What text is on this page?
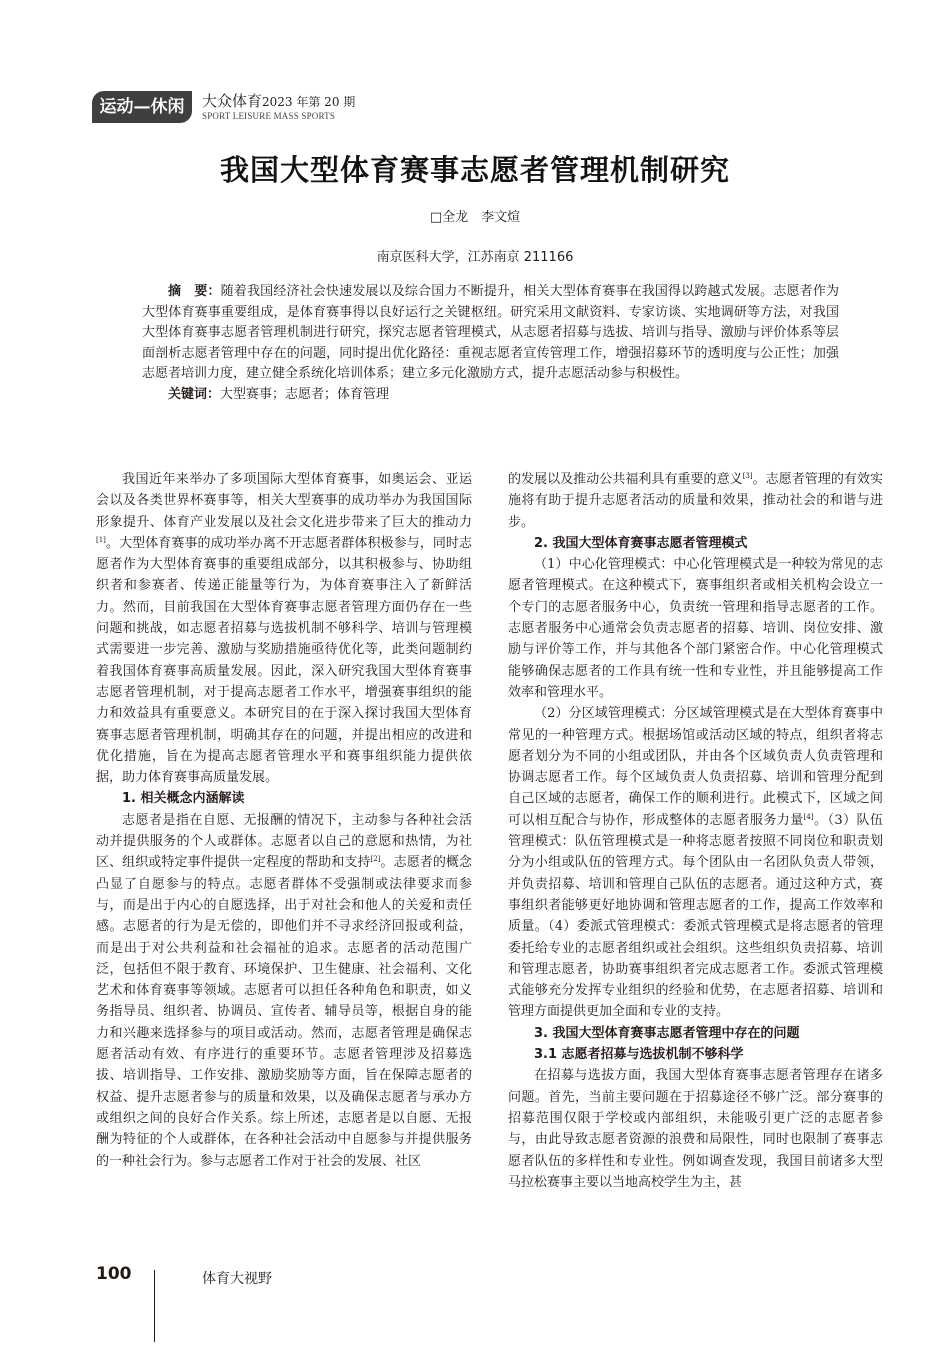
运动—休闲	大众体育2023 年第 20 期
SPORT LEISURE MASS SPORTS
我国大型体育赛事志愿者管理机制研究
□全龙　李文煊
南京医科大学，江苏南京 211166

摘　要：随着我国经济社会快速发展以及综合国力不断提升，相关大型体育赛事在我国得以跨越式发展。志愿者作为大型体育赛事重要组成，是体育赛事得以良好运行之关键枢纽。研究采用文献资料、专家访谈、实地调研等方法，对我国大型体育赛事志愿者管理机制进行研究，探究志愿者管理模式，从志愿者招募与选拔、培训与指导、激励与评价体系等层面剖析志愿者管理中存在的问题，同时提出优化路径：重视志愿者宣传管理工作，增强招募环节的透明度与公正性；加强志愿者培训力度，建立健全系统化培训体系；建立多元化激励方式，提升志愿活动参与积极性。

关键词：大型赛事；志愿者；体育管理

我国近年来举办了多项国际大型体育赛事，如奥运会、亚运会以及各类世界杯赛事等，相关大型赛事的成功举办为我国国际形象提升、体育产业发展以及社会文化进步带来了巨大的推动力[1]。大型体育赛事的成功举办离不开志愿者群体积极参与，同时志愿者作为大型体育赛事的重要组成部分，以其积极参与、协助组织者和参赛者、传递正能量等行为，为体育赛事注入了新鲜活力。然而，目前我国在大型体育赛事志愿者管理方面仍存在一些问题和挑战，如志愿者招募与选拔机制不够科学、培训与管理模式需要进一步完善、激励与奖励措施亟待优化等，此类问题制约着我国体育赛事高质量发展。因此，深入研究我国大型体育赛事志愿者管理机制，对于提高志愿者工作水平，增强赛事组织的能力和效益具有重要意义。本研究目的在于深入探讨我国大型体育赛事志愿者管理机制，明确其存在的问题，并提出相应的改进和优化措施，旨在为提高志愿者管理水平和赛事组织能力提供依据，助力体育赛事高质量发展。

1. 相关概念内涵解读

志愿者是指在自愿、无报酬的情况下，主动参与各种社会活动并提供服务的个人或群体。志愿者以自己的意愿和热情，为社区、组织或特定事件提供一定程度的帮助和支持[2]。志愿者的概念凸显了自愿参与的特点。志愿者群体不受强制或法律要求而参与，而是出于内心的自愿选择，出于对社会和他人的关爱和责任感。志愿者的行为是无偿的，即他们并不寻求经济回报或利益，而是出于对公共利益和社会福祉的追求。志愿者的活动范围广泛，包括但不限于教育、环境保护、卫生健康、社会福利、文化艺术和体育赛事等领域。志愿者可以担任各种角色和职责，如义务指导员、组织者、协调员、宣传者、辅导员等，根据自身的能力和兴趣来选择参与的项目或活动。然而，志愿者管理是确保志愿者活动有效、有序进行的重要环节。志愿者管理涉及招募选拔、培训指导、工作安排、激励奖励等方面，旨在保障志愿者的权益、提升志愿者参与的质量和效果，以及确保志愿者与承办方或组织之间的良好合作关系。综上所述，志愿者是以自愿、无报酬为特征的个人或群体，在各种社会活动中自愿参与并提供服务的一种社会行为。参与志愿者工作对于社会的发展、社区

的发展以及推动公共福利具有重要的意义[3]。志愿者管理的有效实施将有助于提升志愿者活动的质量和效果，推动社会的和谐与进步。

2. 我国大型体育赛事志愿者管理模式

（1）中心化管理模式：中心化管理模式是一种较为常见的志愿者管理模式。在这种模式下，赛事组织者或相关机构会设立一个专门的志愿者服务中心，负责统一管理和指导志愿者的工作。志愿者服务中心通常会负责志愿者的招募、培训、岗位安排、激励与评价等工作，并与其他各个部门紧密合作。中心化管理模式能够确保志愿者的工作具有统一性和专业性，并且能够提高工作效率和管理水平。

（2）分区域管理模式：分区域管理模式是在大型体育赛事中常见的一种管理方式。根据场馆或活动区域的特点，组织者将志愿者划分为不同的小组或团队，并由各个区域负责人负责管理和协调志愿者工作。每个区域负责人负责招募、培训和管理分配到自己区域的志愿者，确保工作的顺利进行。此模式下，区域之间可以相互配合与协作，形成整体的志愿者服务力量[4]。（3）队伍管理模式：队伍管理模式是一种将志愿者按照不同岗位和职责划分为小组或队伍的管理方式。每个团队由一名团队负责人带领，并负责招募、培训和管理自己队伍的志愿者。通过这种方式，赛事组织者能够更好地协调和管理志愿者的工作，提高工作效率和质量。（4）委派式管理模式：委派式管理模式是将志愿者的管理委托给专业的志愿者组织或社会组织。这些组织负责招募、培训和管理志愿者，协助赛事组织者完成志愿者工作。委派式管理模式能够充分发挥专业组织的经验和优势，在志愿者招募、培训和管理方面提供更加全面和专业的支持。

3. 我国大型体育赛事志愿者管理中存在的问题
3.1 志愿者招募与选拔机制不够科学

在招募与选拔方面，我国大型体育赛事志愿者管理存在诸多问题。首先，当前主要问题在于招募途径不够广泛。部分赛事的招募范围仅限于学校或内部组织，未能吸引更广泛的志愿者参与，由此导致志愿者资源的浪费和局限性，同时也限制了赛事志愿者队伍的多样性和专业性。例如调查发现，我国目前诸多大型马拉松赛事主要以当地高校学生为主，甚

100	体育大视野
